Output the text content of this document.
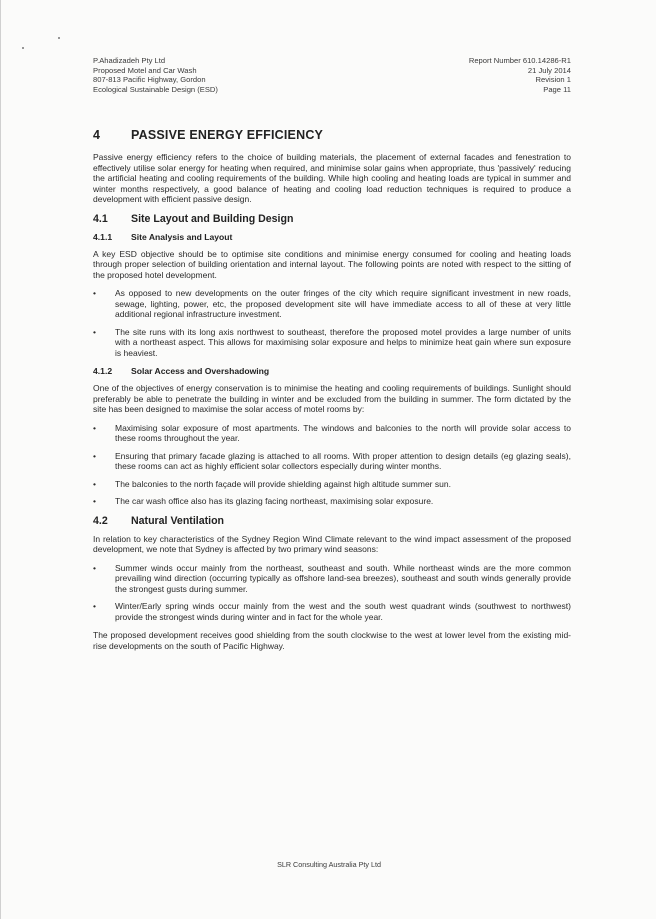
P.Ahadizadeh Pty Ltd
Proposed Motel and Car Wash
807-813 Pacific Highway, Gordon
Ecological Sustainable Design (ESD)
Report Number 610.14286-R1
21 July 2014
Revision 1
Page 11
4	PASSIVE ENERGY EFFICIENCY

Passive energy efficiency refers to the choice of building materials, the placement of external facades and fenestration to effectively utilise solar energy for heating when required, and minimise solar gains when appropriate, thus 'passively' reducing the artificial heating and cooling requirements of the building. While high cooling and heating loads are typical in summer and winter months respectively, a good balance of heating and cooling load reduction techniques is required to produce a development with efficient passive design.

4.1	Site Layout and Building Design
4.1.1	Site Analysis and Layout

A key ESD objective should be to optimise site conditions and minimise energy consumed for cooling and heating loads through proper selection of building orientation and internal layout. The following points are noted with respect to the sitting of the proposed hotel development.

• As opposed to new developments on the outer fringes of the city which require significant investment in new roads, sewage, lighting, power, etc, the proposed development site will have immediate access to all of these at very little additional regional infrastructure investment.
• The site runs with its long axis northwest to southeast, therefore the proposed motel provides a large number of units with a northeast aspect. This allows for maximising solar exposure and helps to minimize heat gain where sun exposure is heaviest.
4.1.2	Solar Access and Overshadowing

One of the objectives of energy conservation is to minimise the heating and cooling requirements of buildings. Sunlight should preferably be able to penetrate the building in winter and be excluded from the building in summer. The form dictated by the site has been designed to maximise the solar access of motel rooms by:

• Maximising solar exposure of most apartments. The windows and balconies to the north will provide solar access to these rooms throughout the year.
• Ensuring that primary facade glazing is attached to all rooms. With proper attention to design details (eg glazing seals), these rooms can act as highly efficient solar collectors especially during winter months.
• The balconies to the north façade will provide shielding against high altitude summer sun.
• The car wash office also has its glazing facing northeast, maximising solar exposure.
4.2	Natural Ventilation

In relation to key characteristics of the Sydney Region Wind Climate relevant to the wind impact assessment of the proposed development, we note that Sydney is affected by two primary wind seasons:

• Summer winds occur mainly from the northeast, southeast and south. While northeast winds are the more common prevailing wind direction (occurring typically as offshore land-sea breezes), southeast and south winds generally provide the strongest gusts during summer.
• Winter/Early spring winds occur mainly from the west and the south west quadrant winds (southwest to northwest) provide the strongest winds during winter and in fact for the whole year.

The proposed development receives good shielding from the south clockwise to the west at lower level from the existing mid-rise developments on the south of Pacific Highway.

SLR Consulting Australia Pty Ltd
